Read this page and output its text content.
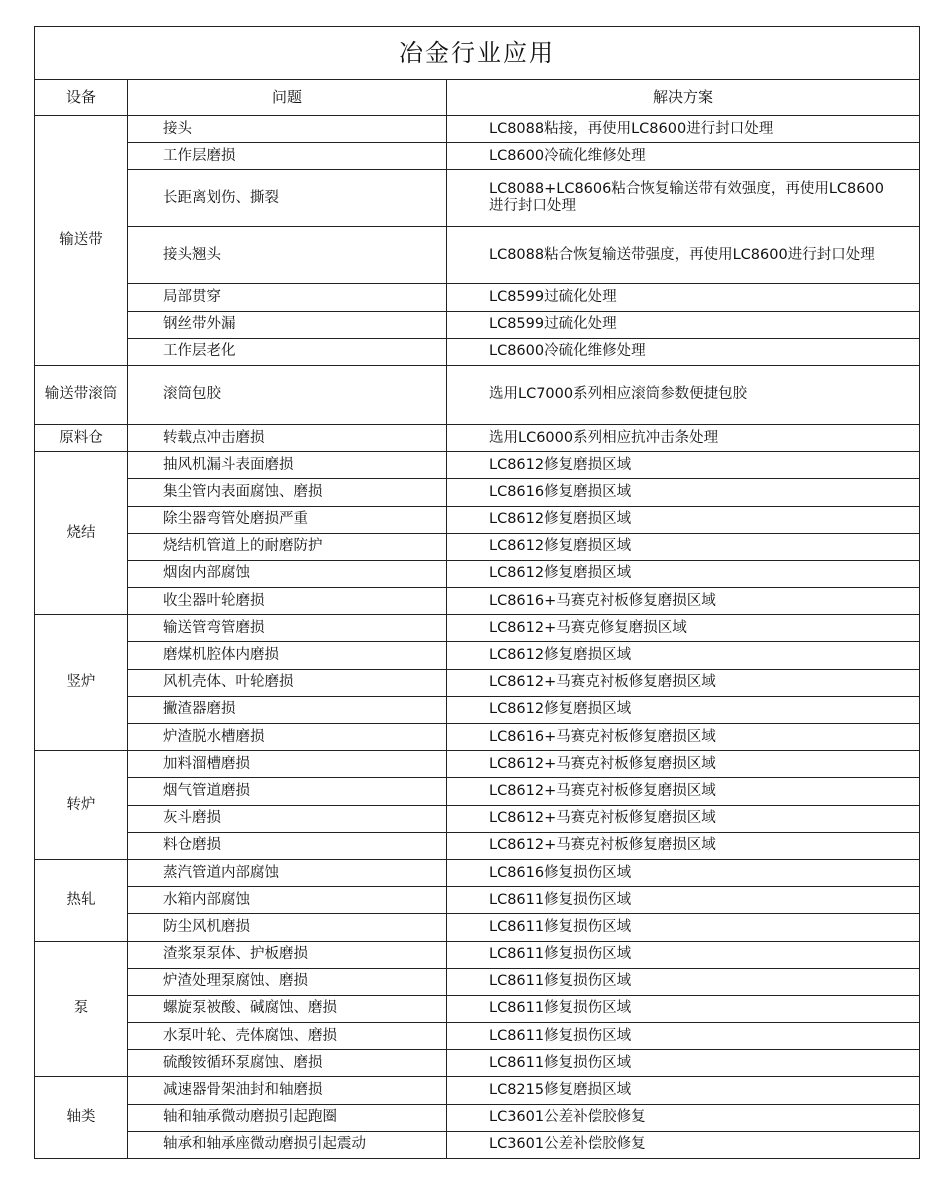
冶金行业应用		
设备	问题	解决方案
输送带	接头	LC8088粘接，再使用LC8600进行封口处理
	工作层磨损	LC8600冷硫化维修处理
	长距离划伤、撕裂	LC8088+LC8606粘合恢复输送带有效强度，再使用LC8600进行封口处理
	接头翘头	LC8088粘合恢复输送带强度，再使用LC8600进行封口处理
	局部贯穿	LC8599过硫化处理
	钢丝带外漏	LC8599过硫化处理
	工作层老化	LC8600冷硫化维修处理
输送带滚筒	滚筒包胶	选用LC7000系列相应滚筒参数便捷包胶
原料仓	转载点冲击磨损	选用LC6000系列相应抗冲击条处理
烧结	抽风机漏斗表面磨损	LC8612修复磨损区域
	集尘管内表面腐蚀、磨损	LC8616修复磨损区域
	除尘器弯管处磨损严重	LC8612修复磨损区域
	烧结机管道上的耐磨防护	LC8612修复磨损区域
	烟囱内部腐蚀	LC8612修复磨损区域
	收尘器叶轮磨损	LC8616+马赛克衬板修复磨损区域
竖炉	输送管弯管磨损	LC8612+马赛克修复磨损区域
	磨煤机腔体内磨损	LC8612修复磨损区域
	风机壳体、叶轮磨损	LC8612+马赛克衬板修复磨损区域
	撇渣器磨损	LC8612修复磨损区域
	炉渣脱水槽磨损	LC8616+马赛克衬板修复磨损区域
转炉	加料溜槽磨损	LC8612+马赛克衬板修复磨损区域
	烟气管道磨损	LC8612+马赛克衬板修复磨损区域
	灰斗磨损	LC8612+马赛克衬板修复磨损区域
	料仓磨损	LC8612+马赛克衬板修复磨损区域
热轧	蒸汽管道内部腐蚀	LC8616修复损伤区域
	水箱内部腐蚀	LC8611修复损伤区域
	防尘风机磨损	LC8611修复损伤区域
泵	渣浆泵泵体、护板磨损	LC8611修复损伤区域
	炉渣处理泵腐蚀、磨损	LC8611修复损伤区域
	螺旋泵被酸、碱腐蚀、磨损	LC8611修复损伤区域
	水泵叶轮、壳体腐蚀、磨损	LC8611修复损伤区域
	硫酸铵循环泵腐蚀、磨损	LC8611修复损伤区域
轴类	减速器骨架油封和轴磨损	LC8215修复磨损区域
	轴和轴承微动磨损引起跑圈	LC3601公差补偿胶修复
	轴承和轴承座微动磨损引起震动	LC3601公差补偿胶修复
